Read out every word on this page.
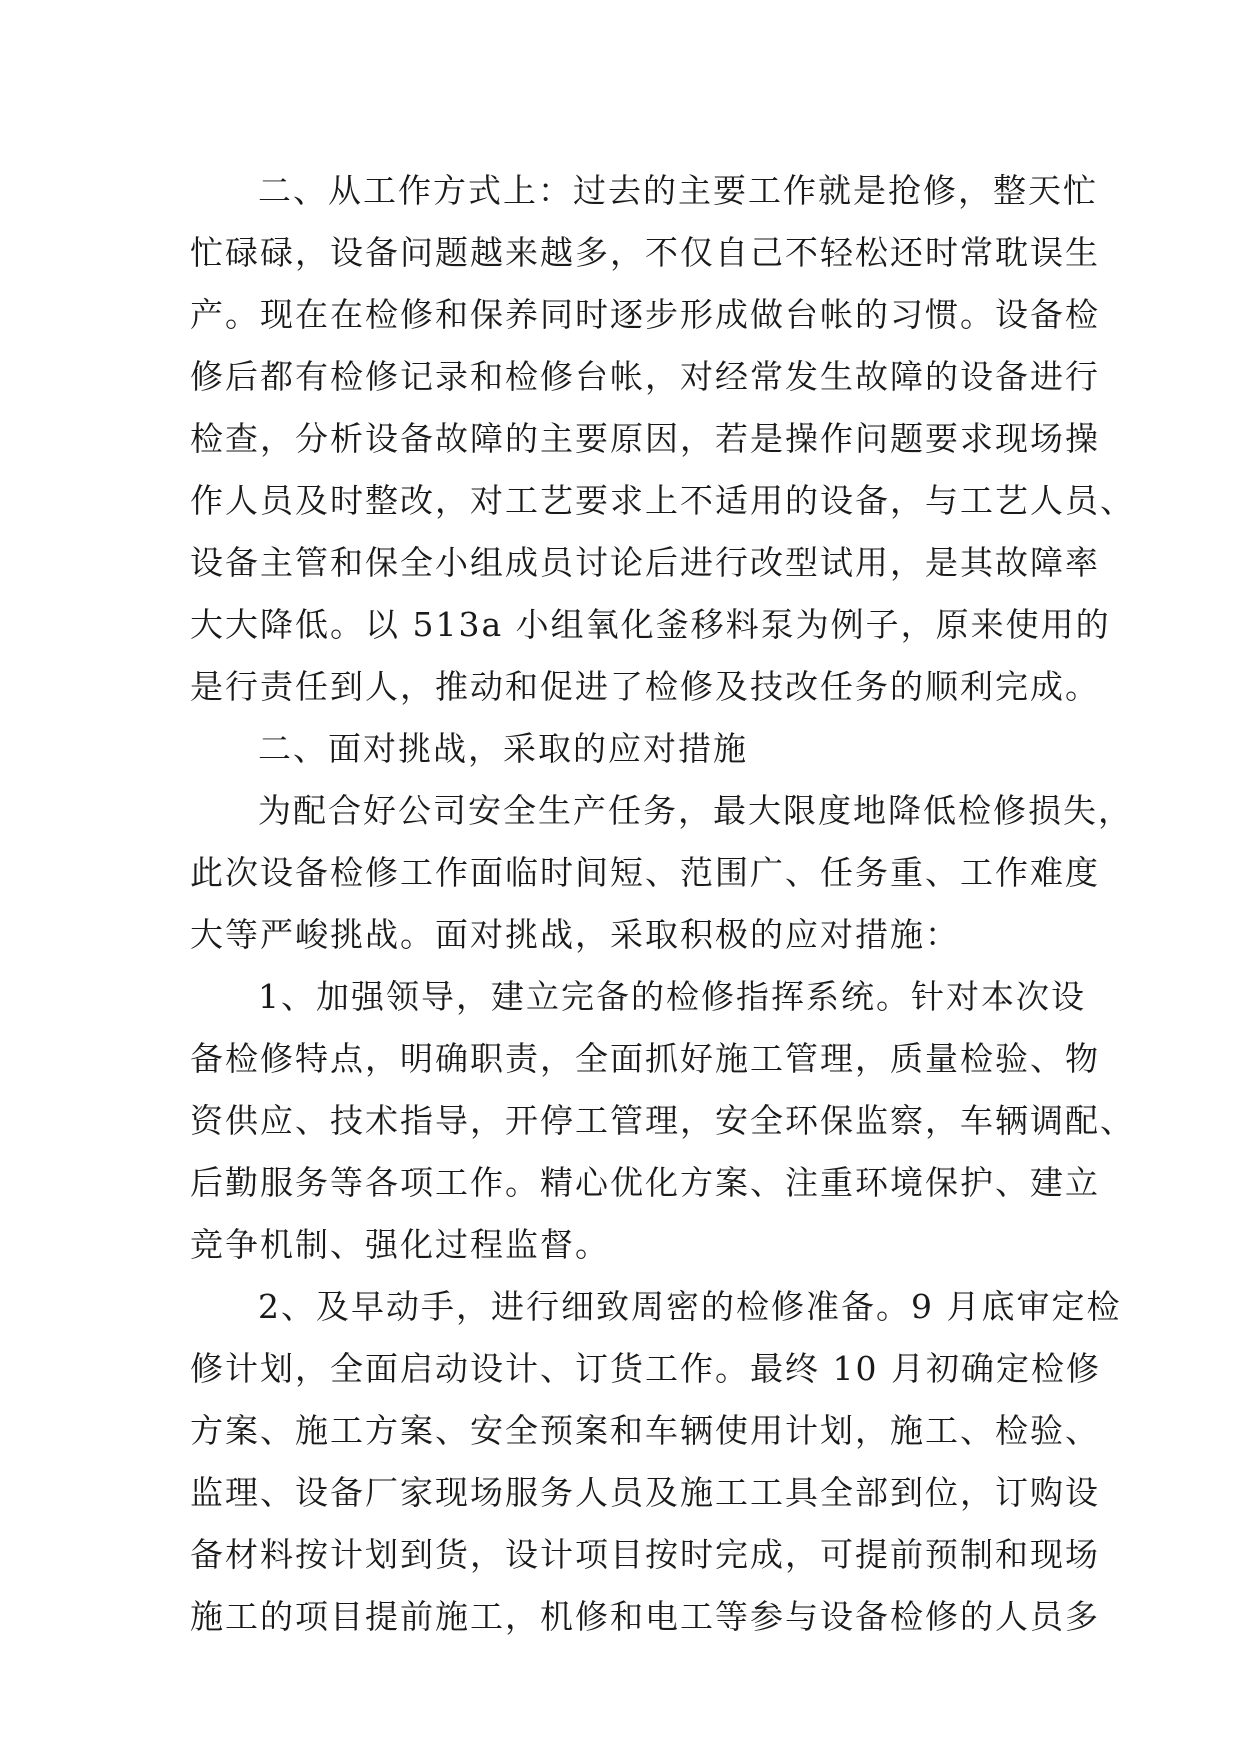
二、从工作方式上：过去的主要工作就是抢修，整天忙
忙碌碌，设备问题越来越多，不仅自己不轻松还时常耽误生
产。现在在检修和保养同时逐步形成做台帐的习惯。设备检
修后都有检修记录和检修台帐，对经常发生故障的设备进行
检查，分析设备故障的主要原因，若是操作问题要求现场操
作人员及时整改，对工艺要求上不适用的设备，与工艺人员、
设备主管和保全小组成员讨论后进行改型试用，是其故障率
大大降低。以 513a 小组氧化釜移料泵为例子，原来使用的
是行责任到人，推动和促进了检修及技改任务的顺利完成。
二、面对挑战，采取的应对措施
为配合好公司安全生产任务，最大限度地降低检修损失，
此次设备检修工作面临时间短、范围广、任务重、工作难度
大等严峻挑战。面对挑战，采取积极的应对措施：
1、加强领导，建立完备的检修指挥系统。针对本次设
备检修特点，明确职责，全面抓好施工管理，质量检验、物
资供应、技术指导，开停工管理，安全环保监察，车辆调配、
后勤服务等各项工作。精心优化方案、注重环境保护、建立
竞争机制、强化过程监督。
2、及早动手，进行细致周密的检修准备。9 月底审定检
修计划，全面启动设计、订货工作。最终 10 月初确定检修
方案、施工方案、安全预案和车辆使用计划，施工、检验、
监理、设备厂家现场服务人员及施工工具全部到位，订购设
备材料按计划到货，设计项目按时完成，可提前预制和现场
施工的项目提前施工，机修和电工等参与设备检修的人员多
